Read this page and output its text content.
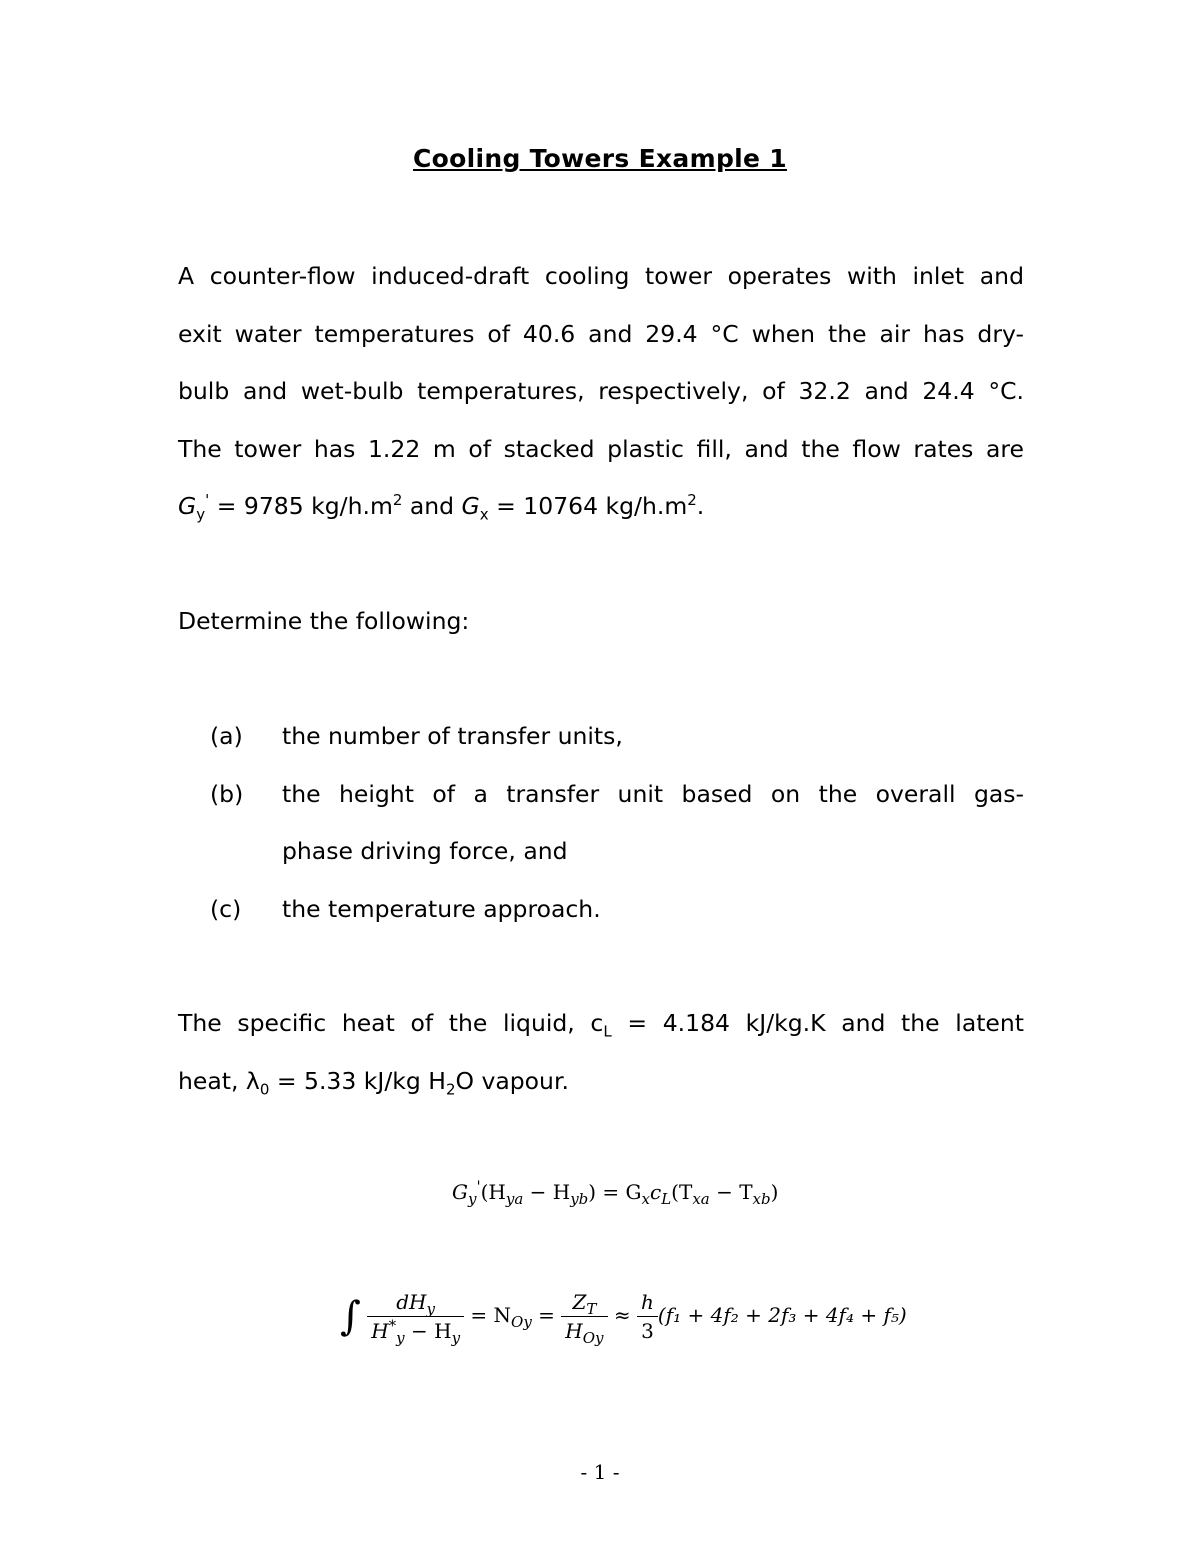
Cooling Towers Example 1
A counter-flow induced-draft cooling tower operates with inlet and
exit water temperatures of 40.6 and 29.4 °C when the air has dry-
bulb and wet-bulb temperatures, respectively, of 32.2 and 24.4 °C.
The tower has 1.22 m of stacked plastic fill, and the flow rates are
$G_y' = 9785$ $kg/h.m^2$ and $G_x = 10764$ $kg/h.m^2$.
Determine the following:
(a) the number of transfer units,
(b) the height of a transfer unit based on the overall gas-
phase driving force, and
(c) the temperature approach.
The specific heat of the liquid, $c_L = 4.184$ kJ/kg.K and the latent
heat, $\lambda_0 = 5.33$ kJ/kg $H_2O$ vapour.
$G_y'(H_{ya} - H_{yb}) = G_xc_L(T_{xa} - T_{xb})$
∫ $\frac{dH_y}{H^*_y - H_y} = N_{Oy} = \frac{Z_T}{H_{Oy}} \approx \frac{h}{3} (f_1 + 4f_2 + 2f_3 + 4f_4 + f_5)$
- 1 -
